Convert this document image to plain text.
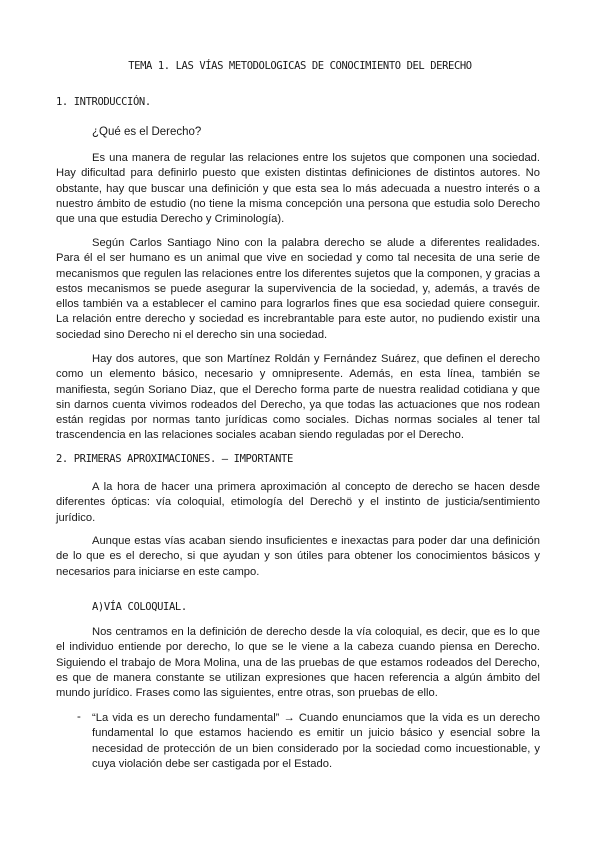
TEMA 1. LAS VÍAS METODOLOGICAS DE CONOCIMIENTO DEL DERECHO
1. INTRODUCCIÓN.
¿Qué es el Derecho?

Es una manera de regular las relaciones entre los sujetos que componen una sociedad. Hay dificultad para definirlo puesto que existen distintas definiciones de distintos autores. No obstante, hay que buscar una definición y que esta sea lo más adecuada a nuestro interés o a nuestro ámbito de estudio (no tiene la misma concepción una persona que estudia solo Derecho que una que estudia Derecho y Criminología).

Según Carlos Santiago Nino con la palabra derecho se alude a diferentes realidades. Para él el ser humano es un animal que vive en sociedad y como tal necesita de una serie de mecanismos que regulen las relaciones entre los diferentes sujetos que la componen, y gracias a estos mecanismos se puede asegurar la supervivencia de la sociedad, y, además, a través de ellos también va a establecer el camino para lograrlos fines que esa sociedad quiere conseguir. La relación entre derecho y sociedad es increbrantable para este autor, no pudiendo existir una sociedad sino Derecho ni el derecho sin una sociedad.

Hay dos autores, que son Martínez Roldán y Fernández Suárez, que definen el derecho como un elemento básico, necesario y omnipresente. Además, en esta línea, también se manifiesta, según Soriano Diaz, que el Derecho forma parte de nuestra realidad cotidiana y que sin darnos cuenta vivimos rodeados del Derecho, ya que todas las actuaciones que nos rodean están regidas por normas tanto jurídicas como sociales. Dichas normas sociales al tener tal trascendencia en las relaciones sociales acaban siendo reguladas por el Derecho.

2. PRIMERAS APROXIMACIONES. – IMPORTANTE

A la hora de hacer una primera aproximación al concepto de derecho se hacen desde diferentes ópticas: vía coloquial, etimología del Derechö y el instinto de justicia/sentimiento jurídico.

Aunque estas vías acaban siendo insuficientes e inexactas para poder dar una definición de lo que es el derecho, si que ayudan y son útiles para obtener los conocimientos básicos y necesarios para iniciarse en este campo.

A)VÍA COLOQUIAL.

Nos centramos en la definición de derecho desde la vía coloquial, es decir, que es lo que el individuo entiende por derecho, lo que se le viene a la cabeza cuando piensa en Derecho. Siguiendo el trabajo de Mora Molina, una de las pruebas de que estamos rodeados del Derecho, es que de manera constante se utilizan expresiones que hacen referencia a algún ámbito del mundo jurídico. Frases como las siguientes, entre otras, son pruebas de ello.

- “La vida es un derecho fundamental” → Cuando enunciamos que la vida es un derecho fundamental lo que estamos haciendo es emitir un juicio básico y esencial sobre la necesidad de protección de un bien considerado por la sociedad como incuestionable, y cuya violación debe ser castigada por el Estado.
